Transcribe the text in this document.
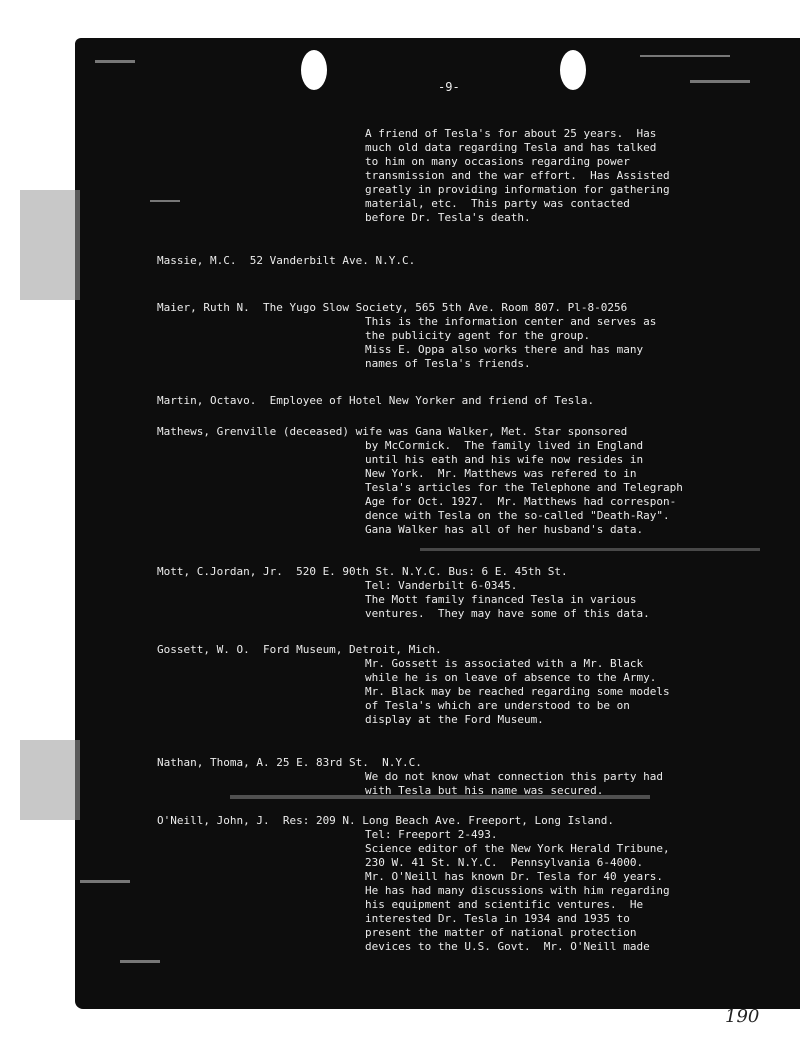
-9-
A friend of Tesla's for about 25 years.  Has
much old data regarding Tesla and has talked
to him on many occasions regarding power
transmission and the war effort.  Has Assisted
greatly in providing information for gathering
material, etc.  This party was contacted
before Dr. Tesla's death.
Massie, M.C.  52 Vanderbilt Ave. N.Y.C.
Maier, Ruth N.  The Yugo Slow Society, 565 5th Ave. Room 807. Pl-8-0256
This is the information center and serves as
the publicity agent for the group.
Miss E. Oppa also works there and has many
names of Tesla's friends.
Martin, Octavo.  Employee of Hotel New Yorker and friend of Tesla.
Mathews, Grenville (deceased) wife was Gana Walker, Met. Star sponsored
by McCormick.  The family lived in England
until his eath and his wife now resides in
New York.  Mr. Matthews was refered to in
Tesla's articles for the Telephone and Telegraph
Age for Oct. 1927.  Mr. Matthews had correspon-
dence with Tesla on the so-called "Death-Ray".
Gana Walker has all of her husband's data.
Mott, C.Jordan, Jr.  520 E. 90th St. N.Y.C. Bus: 6 E. 45th St.
Tel: Vanderbilt 6-0345.
The Mott family financed Tesla in various
ventures.  They may have some of this data.
Gossett, W. O.  Ford Museum, Detroit, Mich.
Mr. Gossett is associated with a Mr. Black
while he is on leave of absence to the Army.
Mr. Black may be reached regarding some models
of Tesla's which are understood to be on
display at the Ford Museum.
Nathan, Thoma, A. 25 E. 83rd St.  N.Y.C.
We do not know what connection this party had
with Tesla but his name was secured.
O'Neill, John, J.  Res: 209 N. Long Beach Ave. Freeport, Long Island.
Tel: Freeport 2-493.
Science editor of the New York Herald Tribune,
230 W. 41 St. N.Y.C.  Pennsylvania 6-4000.
Mr. O'Neill has known Dr. Tesla for 40 years.
He has had many discussions with him regarding
his equipment and scientific ventures.  He
interested Dr. Tesla in 1934 and 1935 to
present the matter of national protection
devices to the U.S. Govt.  Mr. O'Neill made
190
